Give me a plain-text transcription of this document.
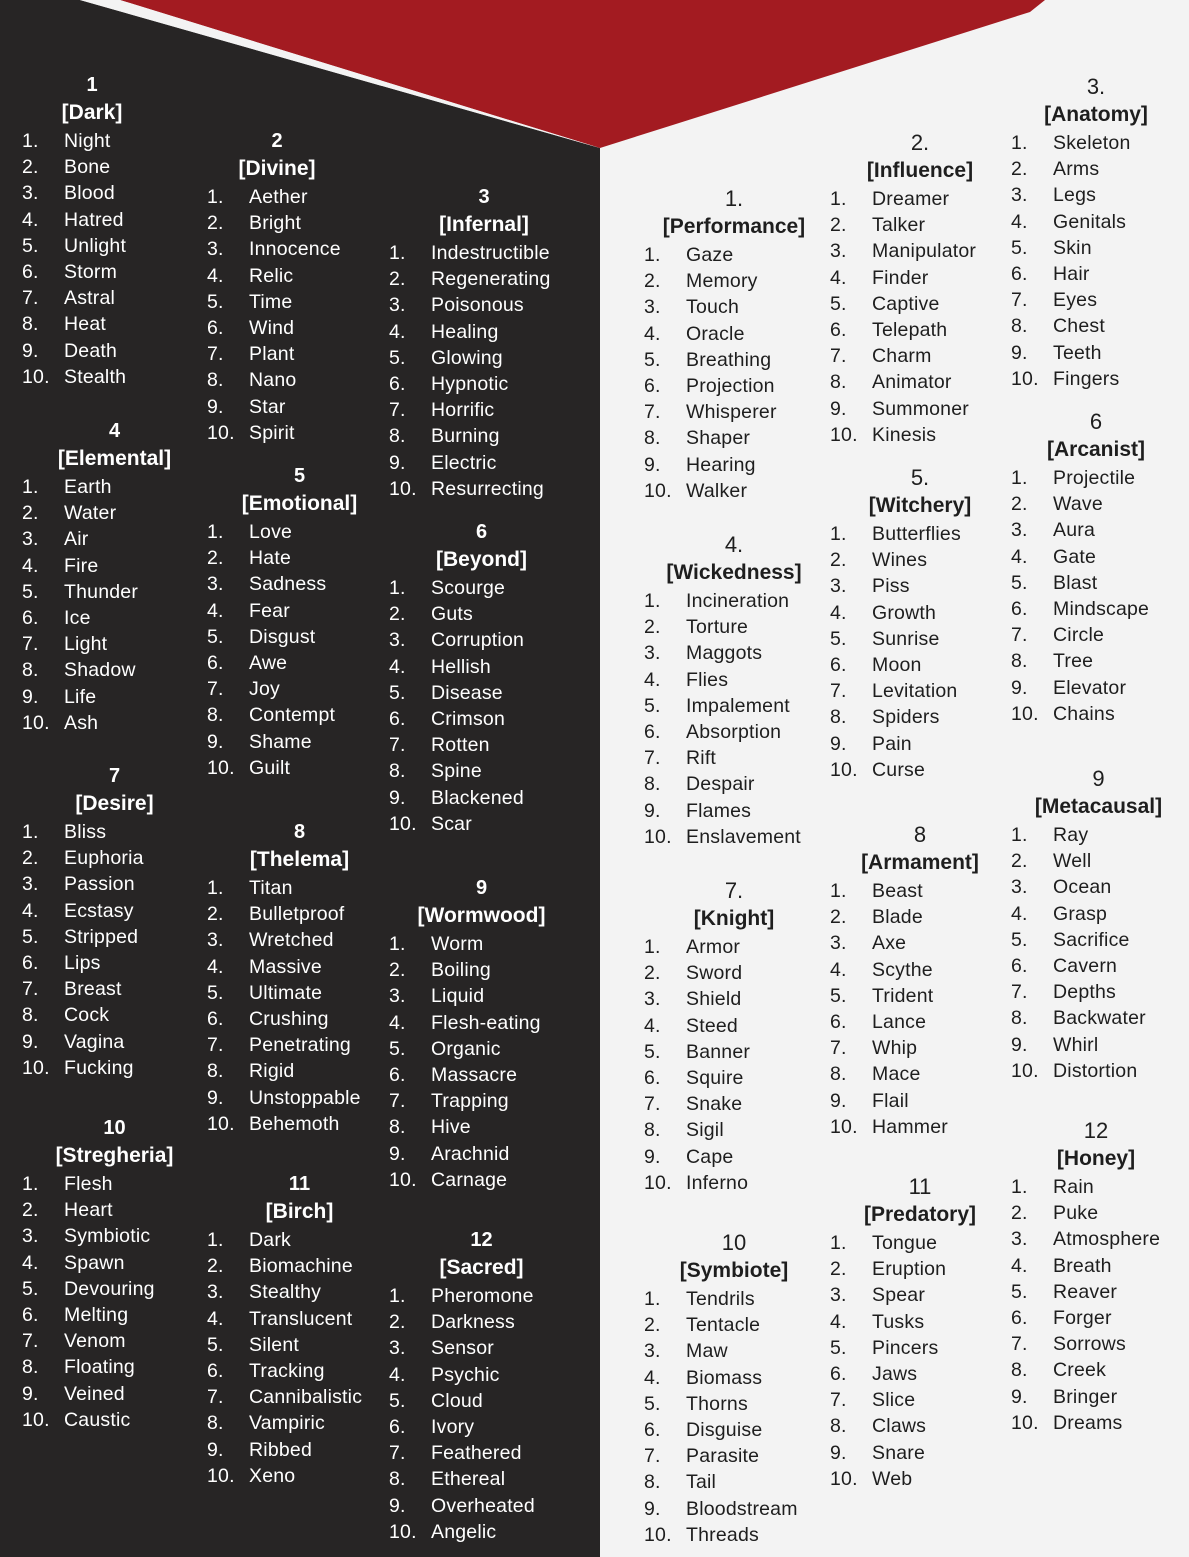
1
[Dark]
1. Night
2. Bone
3. Blood
4. Hatred
5. Unlight
6. Storm
7. Astral
8. Heat
9. Death
10. Stealth
2
[Divine]
1. Aether
2. Bright
3. Innocence
4. Relic
5. Time
6. Wind
7. Plant
8. Nano
9. Star
10. Spirit
3
[Infernal]
1. Indestructible
2. Regenerating
3. Poisonous
4. Healing
5. Glowing
6. Hypnotic
7. Horrific
8. Burning
9. Electric
10. Resurrecting
4
[Elemental]
1. Earth
2. Water
3. Air
4. Fire
5. Thunder
6. Ice
7. Light
8. Shadow
9. Life
10. Ash
5
[Emotional]
1. Love
2. Hate
3. Sadness
4. Fear
5. Disgust
6. Awe
7. Joy
8. Contempt
9. Shame
10. Guilt
6
[Beyond]
1. Scourge
2. Guts
3. Corruption
4. Hellish
5. Disease
6. Crimson
7. Rotten
8. Spine
9. Blackened
10. Scar
7
[Desire]
1. Bliss
2. Euphoria
3. Passion
4. Ecstasy
5. Stripped
6. Lips
7. Breast
8. Cock
9. Vagina
10. Fucking
8
[Thelema]
1. Titan
2. Bulletproof
3. Wretched
4. Massive
5. Ultimate
6. Crushing
7. Penetrating
8. Rigid
9. Unstoppable
10. Behemoth
9
[Wormwood]
1. Worm
2. Boiling
3. Liquid
4. Flesh-eating
5. Organic
6. Massacre
7. Trapping
8. Hive
9. Arachnid
10. Carnage
10
[Stregheria]
1. Flesh
2. Heart
3. Symbiotic
4. Spawn
5. Devouring
6. Melting
7. Venom
8. Floating
9. Veined
10. Caustic
11
[Birch]
1. Dark
2. Biomachine
3. Stealthy
4. Translucent
5. Silent
6. Tracking
7. Cannibalistic
8. Vampiric
9. Ribbed
10. Xeno
12
[Sacred]
1. Pheromone
2. Darkness
3. Sensor
4. Psychic
5. Cloud
6. Ivory
7. Feathered
8. Ethereal
9. Overheated
10. Angelic
1.
[Performance]
1. Gaze
2. Memory
3. Touch
4. Oracle
5. Breathing
6. Projection
7. Whisperer
8. Shaper
9. Hearing
10. Walker
2.
[Influence]
1. Dreamer
2. Talker
3. Manipulator
4. Finder
5. Captive
6. Telepath
7. Charm
8. Animator
9. Summoner
10. Kinesis
3.
[Anatomy]
1. Skeleton
2. Arms
3. Legs
4. Genitals
5. Skin
6. Hair
7. Eyes
8. Chest
9. Teeth
10. Fingers
4.
[Wickedness]
1. Incineration
2. Torture
3. Maggots
4. Flies
5. Impalement
6. Absorption
7. Rift
8. Despair
9. Flames
10. Enslavement
5.
[Witchery]
1. Butterflies
2. Wines
3. Piss
4. Growth
5. Sunrise
6. Moon
7. Levitation
8. Spiders
9. Pain
10. Curse
6
[Arcanist]
1. Projectile
2. Wave
3. Aura
4. Gate
5. Blast
6. Mindscape
7. Circle
8. Tree
9. Elevator
10. Chains
7.
[Knight]
1. Armor
2. Sword
3. Shield
4. Steed
5. Banner
6. Squire
7. Snake
8. Sigil
9. Cape
10. Inferno
8
[Armament]
1. Beast
2. Blade
3. Axe
4. Scythe
5. Trident
6. Lance
7. Whip
8. Mace
9. Flail
10. Hammer
9
[Metacausal]
1. Ray
2. Well
3. Ocean
4. Grasp
5. Sacrifice
6. Cavern
7. Depths
8. Backwater
9. Whirl
10. Distortion
10
[Symbiote]
1. Tendrils
2. Tentacle
3. Maw
4. Biomass
5. Thorns
6. Disguise
7. Parasite
8. Tail
9. Bloodstream
10. Threads
11
[Predatory]
1. Tongue
2. Eruption
3. Spear
4. Tusks
5. Pincers
6. Jaws
7. Slice
8. Claws
9. Snare
10. Web
12
[Honey]
1. Rain
2. Puke
3. Atmosphere
4. Breath
5. Reaver
6. Forger
7. Sorrows
8. Creek
9. Bringer
10. Dreams
